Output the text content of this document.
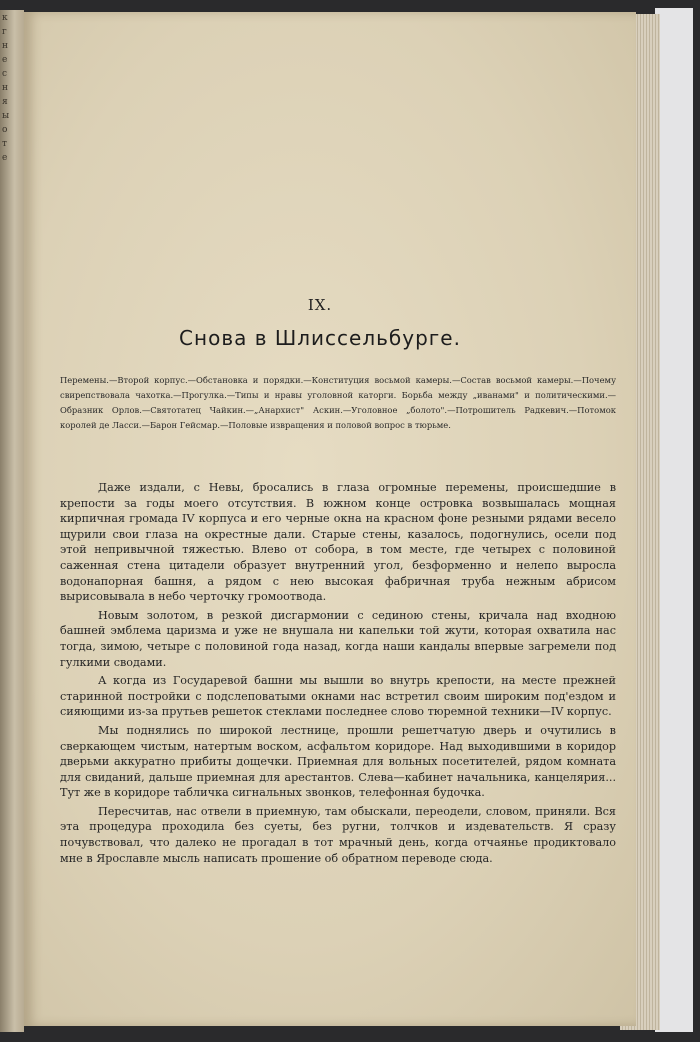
к
г
н
е
с
н
я
ы
о
т
е
IX.
Снова в Шлиссельбурге.
Перемены.—Второй корпус.—Обстановка и порядки.—Конституция восьмой камеры.—Состав восьмой камеры.—Почему свирепствовала чахотка.—Прогулка.—Типы и нравы уголовной каторги. Борьба между „иванами" и политическими.—Образник Орлов.—Святотатец Чайкин.—„Анархист" Аскин.—Уголовное „болото".—Потрошитель Радкевич.—Потомок королей де Ласси.—Барон Гейсмар.—Половые извращения и половой вопрос в тюрьме.

Даже издали, с Невы, бросались в глаза огромные перемены, происшедшие в крепости за годы моего отсутствия. В южном конце островка возвышалась мощная кирпичная громада IV корпуса и его черные окна на красном фоне резными рядами весело щурили свои глаза на окрестные дали. Старые стены, казалось, подогнулись, осели под этой непривычной тяжестью. Влево от собора, в том месте, где четырех с половиной саженная стена цитадели образует внутренний угол, безформенно и нелепо выросла водонапорная башня, а рядом с нею высокая фабричная труба нежным абрисом вырисовывала в небо черточку громоотвода.

Новым золотом, в резкой дисгармонии с сединою стены, кричала над входною башней эмблема царизма и уже не внушала ни капельки той жути, которая охватила нас тогда, зимою, четыре с половиной года назад, когда наши кандалы впервые загремели под гулкими сводами.

А когда из Государевой башни мы вышли во внутрь крепости, на месте прежней старинной постройки с подслеповатыми окнами нас встретил своим широким под'ездом и сияющими из-за прутьев решеток стеклами последнее слово тюремной техники—IV корпус.

Мы поднялись по широкой лестнице, прошли решетчатую дверь и очутились в сверкающем чистым, натертым воском, асфальтом коридоре. Над выходившими в коридор дверьми аккуратно прибиты дощечки. Приемная для вольных посетителей, рядом комната для свиданий, дальше приемная для арестантов. Слева—кабинет начальника, канцелярия... Тут же в коридоре табличка сигнальных звонков, телефонная будочка.

Пересчитав, нас отвели в приемную, там обыскали, переодели, словом, приняли. Вся эта процедура проходила без суеты, без ругни, толчков и издевательств. Я сразу почувствовал, что далеко не прогадал в тот мрачный день, когда отчаянье продиктовало мне в Ярославле мысль написать прошение об обратном переводе сюда.
